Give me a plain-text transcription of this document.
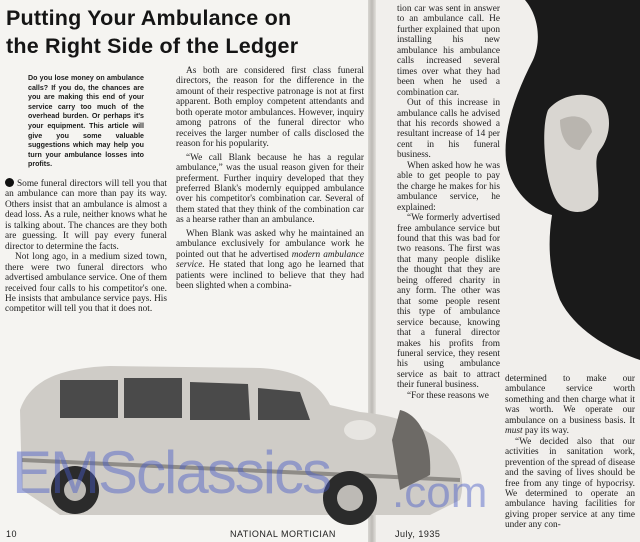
Putting Your Ambulance on
the Right Side of the Ledger
Do you lose money on ambulance calls? If you do, the chances are you are making this end of your service carry too much of the overhead burden. Or perhaps it's your equipment. This article will give you some valuable suggestions which may help you turn your ambulance losses into profits.

Some funeral directors will tell you that an ambulance can more than pay its way. Others insist that an ambulance is almost a dead loss. As a rule, neither knows what he is talking about. The chances are they both are guessing. It will pay every funeral director to determine the facts.

Not long ago, in a medium sized town, there were two funeral directors who advertised ambulance service. One of them received four calls to his competitor's one. He insists that ambulance service pays. His competitor will tell you that it does not.

As both are considered first class funeral directors, the reason for the difference in the amount of their respective patronage is not at first apparent. Both employ competent attendants and both operate motor ambulances. However, inquiry among patrons of the funeral director who receives the larger number of calls disclosed the reason for his popularity.

“We call Blank because he has a regular ambulance,” was the usual reason given for their preferment. Further inquiry developed that they preferred Blank's modernly equipped ambulance over his competitor's combination car. Several of them stated that they think of the combination car as a hearse rather than an ambulance.

When Blank was asked why he maintained an ambulance exclusively for ambulance work he pointed out that he advertised modern ambulance service. He stated that long ago he learned that patients were inclined to believe that they had been slighted when a combina-

tion car was sent in answer to an ambulance call. He further explained that upon installing his new ambulance his ambulance calls increased several times over what they had been when he used a combination car.

Out of this increase in ambulance calls he advised that his records showed a resultant increase of 14 per cent in his funeral business.

When asked how he was able to get people to pay the charge he makes for his ambulance service, he explained:

“We formerly advertised free ambulance service but found that this was bad for two reasons. The first was that many people dislike the thought that they are being offered charity in any form. The other was that some people resent this type of ambulance service because, knowing that a funeral director makes his profits from funeral service, they resent his using ambulance service as bait to attract their funeral business.

“For these reasons we

determined to make our ambulance service worth something and then charge what it was worth. We operate our ambulance on a business basis. It must pay its way.

“We decided also that our activities in sanitation work, prevention of the spread of disease and the saving of lives should be free from any tinge of hypocrisy. We determined to operate an ambulance having facilities for giving proper service at any time under any con-

EMSclassics .com
10	NATIONAL MORTICIAN	July, 1935
